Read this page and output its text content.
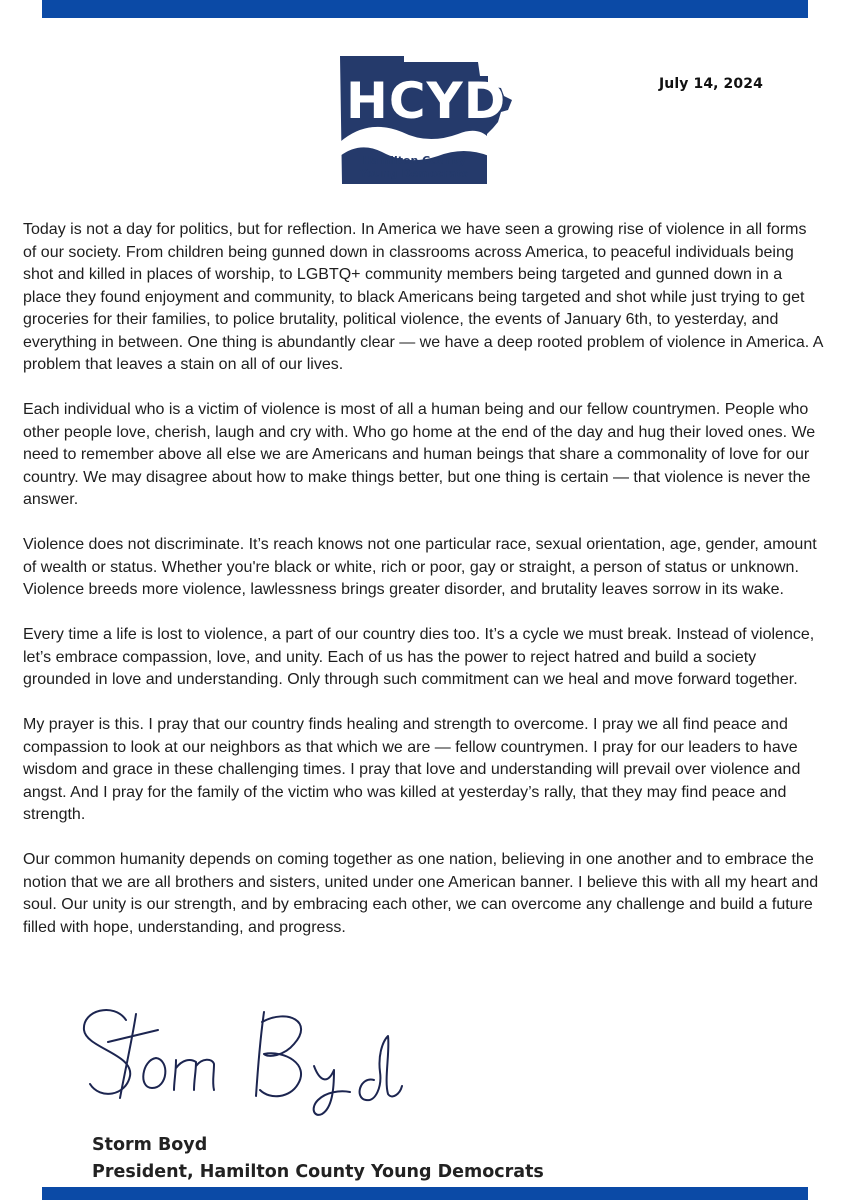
HCYD
Hamilton County
Young Democrats
July 14, 2024

Today is not a day for politics, but for reflection. In America we have seen a growing rise of violence in all forms of our society. From children being gunned down in classrooms across America, to peaceful individuals being shot and killed in places of worship, to LGBTQ+ community members being targeted and gunned down in a place they found enjoyment and community, to black Americans being targeted and shot while just trying to get groceries for their families, to police brutality, political violence, the events of January 6th, to yesterday, and everything in between. One thing is abundantly clear — we have a deep rooted problem of violence in America. A problem that leaves a stain on all of our lives.

Each individual who is a victim of violence is most of all a human being and our fellow countrymen. People who other people love, cherish, laugh and cry with. Who go home at the end of the day and hug their loved ones. We need to remember above all else we are Americans and human beings that share a commonality of love for our country. We may disagree about how to make things better, but one thing is certain — that violence is never the answer.

Violence does not discriminate. It’s reach knows not one particular race, sexual orientation, age, gender, amount of wealth or status. Whether you're black or white, rich or poor, gay or straight, a person of status or unknown. Violence breeds more violence, lawlessness brings greater disorder, and brutality leaves sorrow in its wake.

Every time a life is lost to violence, a part of our country dies too. It’s a cycle we must break. Instead of violence, let’s embrace compassion, love, and unity. Each of us has the power to reject hatred and build a society grounded in love and understanding. Only through such commitment can we heal and move forward together.

My prayer is this. I pray that our country finds healing and strength to overcome. I pray we all find peace and compassion to look at our neighbors as that which we are — fellow countrymen. I pray for our leaders to have wisdom and grace in these challenging times. I pray that love and understanding will prevail over violence and angst. And I pray for the family of the victim who was killed at yesterday’s rally, that they may find peace and strength.

Our common humanity depends on coming together as one nation, believing in one another and to embrace the notion that we are all brothers and sisters, united under one American banner. I believe this with all my heart and soul. Our unity is our strength, and by embracing each other, we can overcome any challenge and build a future filled with hope, understanding, and progress.

Storm Boyd
President, Hamilton County Young Democrats
